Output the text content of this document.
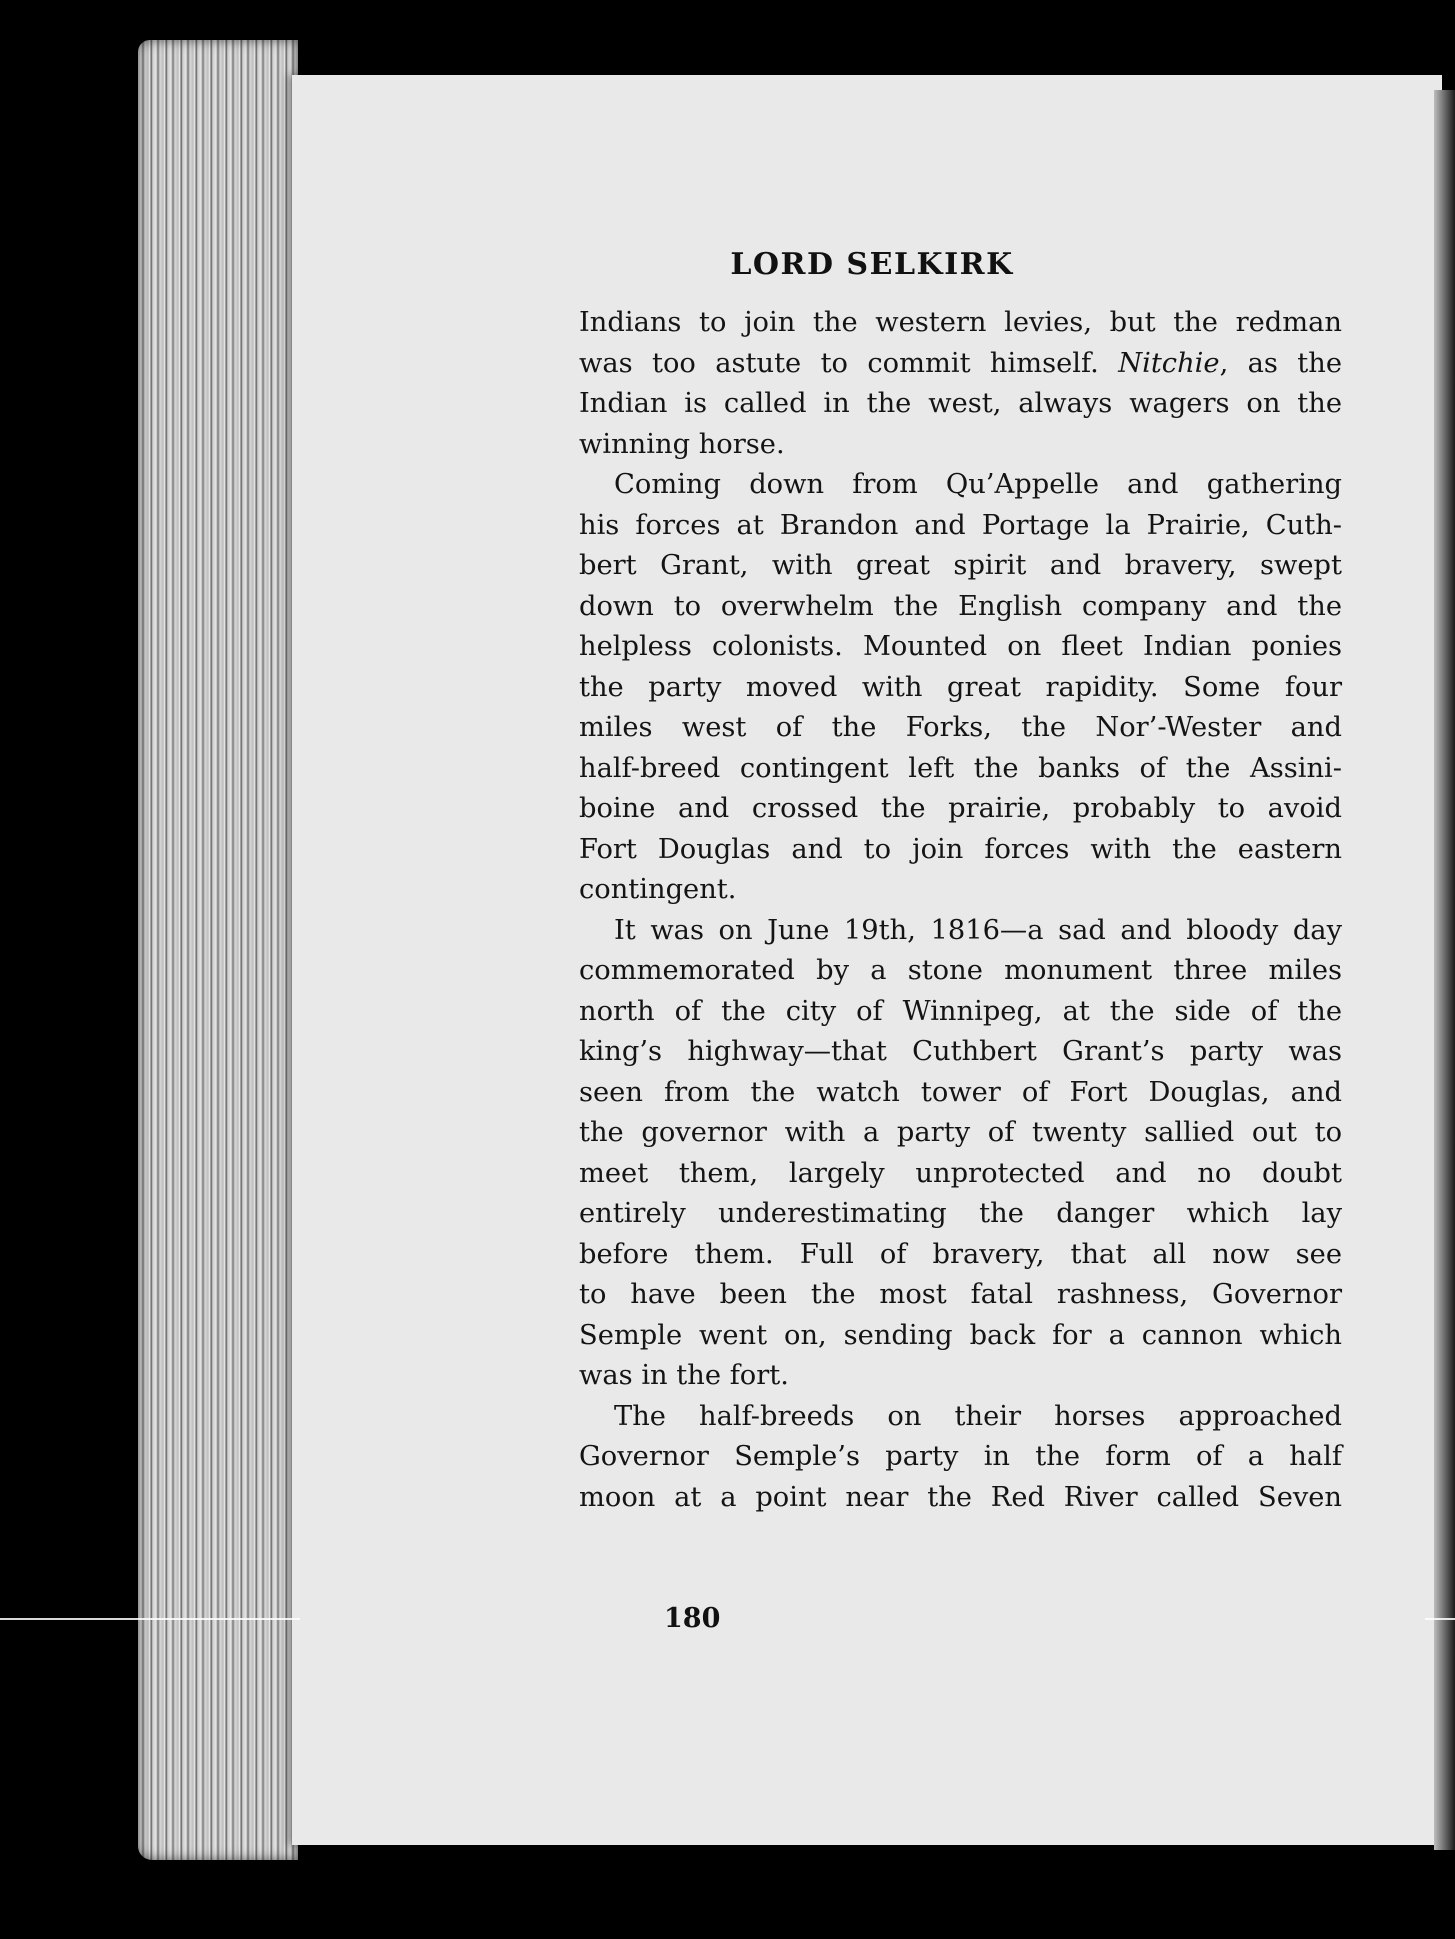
LORD SELKIRK
Indians to join the western levies, but the redman
was too astute to commit himself. Nitchie, as the
Indian is called in the west, always wagers on the
winning horse.
Coming down from Qu’Appelle and gathering
his forces at Brandon and Portage la Prairie, Cuth-
bert Grant, with great spirit and bravery, swept
down to overwhelm the English company and the
helpless colonists. Mounted on fleet Indian ponies
the party moved with great rapidity. Some four
miles west of the Forks, the Nor’-Wester and
half-breed contingent left the banks of the Assini-
boine and crossed the prairie, probably to avoid
Fort Douglas and to join forces with the eastern
contingent.
It was on June 19th, 1816—a sad and bloody day
commemorated by a stone monument three miles
north of the city of Winnipeg, at the side of the
king’s highway—that Cuthbert Grant’s party was
seen from the watch tower of Fort Douglas, and
the governor with a party of twenty sallied out to
meet them, largely unprotected and no doubt
entirely underestimating the danger which lay
before them. Full of bravery, that all now see
to have been the most fatal rashness, Governor
Semple went on, sending back for a cannon which
was in the fort.
The half-breeds on their horses approached
Governor Semple’s party in the form of a half
moon at a point near the Red River called Seven
180
